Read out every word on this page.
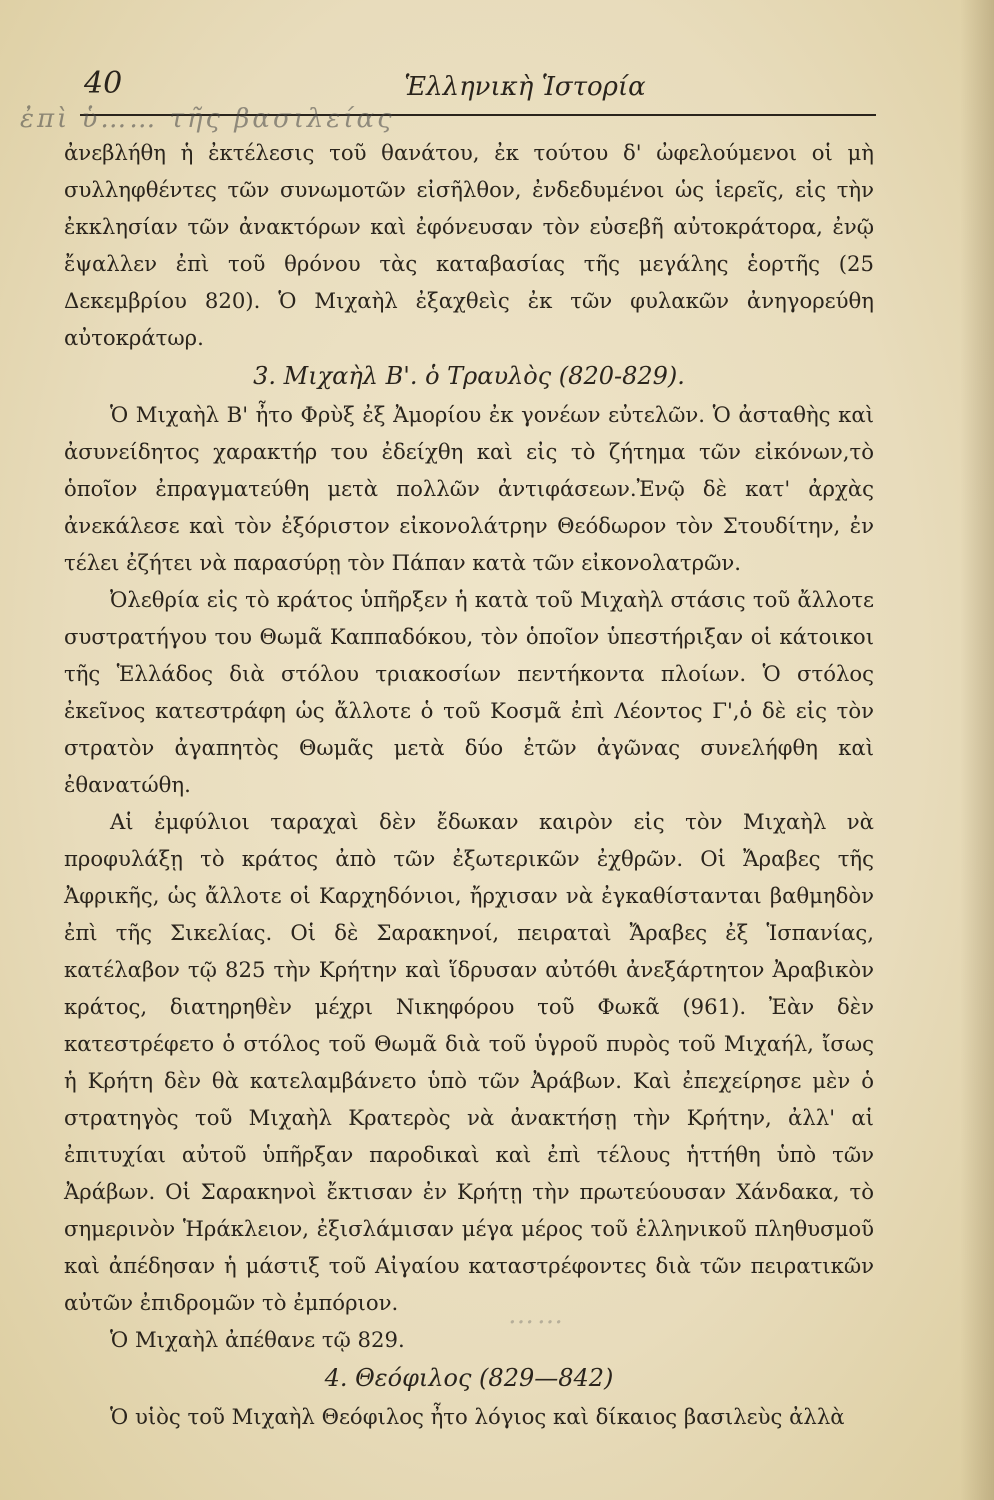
40	Ἑλληνικὴ Ἱστορία
ἐπὶ ὑ…… τῆς βασιλείας

ἀνεβλήθη ἡ ἐκτέλεσις τοῦ θανάτου, ἐκ τούτου δ' ὠφελούμενοι οἱ μὴ συλληφθέντες τῶν συνωμοτῶν εἰσῆλθον, ἐνδεδυμένοι ὡς ἱερεῖς, εἰς τὴν ἐκκλησίαν τῶν ἀνακτόρων καὶ ἐφόνευσαν τὸν εὐσεβῆ αὐτοκράτορα, ἐνῷ ἔψαλλεν ἐπὶ τοῦ θρόνου τὰς καταβασίας τῆς μεγάλης ἑορτῆς (25 Δεκεμβρίου 820). Ὁ Μιχαὴλ ἐξαχθεὶς ἐκ τῶν φυλακῶν ἀνηγορεύθη αὐτοκράτωρ.

3. Μιχαὴλ Β'. ὁ Τραυλὸς (820-829).

Ὁ Μιχαὴλ Β' ἦτο Φρὺξ ἐξ Ἀμορίου ἐκ γονέων εὐτελῶν. Ὁ ἀσταθὴς καὶ ἀσυνείδητος χαρακτήρ του ἐδείχθη καὶ εἰς τὸ ζήτημα τῶν εἰκόνων,τὸ ὁποῖον ἐπραγματεύθη μετὰ πολλῶν ἀντιφάσεων.Ἐνῷ δὲ κατ' ἀρχὰς ἀνεκάλεσε καὶ τὸν ἐξόριστον εἰκονολάτρην Θεόδωρον τὸν Στουδίτην, ἐν τέλει ἐζήτει νὰ παρασύρῃ τὸν Πάπαν κατὰ τῶν εἰκονολατρῶν.

Ὀλεθρία εἰς τὸ κράτος ὑπῆρξεν ἡ κατὰ τοῦ Μιχαὴλ στάσις τοῦ ἄλλοτε συστρατήγου του Θωμᾶ Καππαδόκου, τὸν ὁποῖον ὑπεστήριξαν οἱ κάτοικοι τῆς Ἑλλάδος διὰ στόλου τριακοσίων πεντήκοντα πλοίων. Ὁ στόλος ἐκεῖνος κατεστράφη ὡς ἄλλοτε ὁ τοῦ Κοσμᾶ ἐπὶ Λέοντος Γ',ὁ δὲ εἰς τὸν στρατὸν ἀγαπητὸς Θωμᾶς μετὰ δύο ἐτῶν ἀγῶνας συνελήφθη καὶ ἐθανατώθη.

Αἱ ἐμφύλιοι ταραχαὶ δὲν ἔδωκαν καιρὸν εἰς τὸν Μιχαὴλ νὰ προφυλάξῃ τὸ κράτος ἀπὸ τῶν ἐξωτερικῶν ἐχθρῶν. Οἱ Ἄραβες τῆς Ἀφρικῆς, ὡς ἄλλοτε οἱ Καρχηδόνιοι, ἤρχισαν νὰ ἐγκαθίστανται βαθμηδὸν ἐπὶ τῆς Σικελίας. Οἱ δὲ Σαρακηνοί, πειραταὶ Ἄραβες ἐξ Ἱσπανίας, κατέλαβον τῷ 825 τὴν Κρήτην καὶ ἵδρυσαν αὐτόθι ἀνεξάρτητον Ἀραβικὸν κράτος, διατηρηθὲν μέχρι Νικηφόρου τοῦ Φωκᾶ (961). Ἐὰν δὲν κατεστρέφετο ὁ στόλος τοῦ Θωμᾶ διὰ τοῦ ὑγροῦ πυρὸς τοῦ Μιχαήλ, ἴσως ἡ Κρήτη δὲν θὰ κατελαμβάνετο ὑπὸ τῶν Ἀράβων. Καὶ ἐπεχείρησε μὲν ὁ στρατηγὸς τοῦ Μιχαὴλ Κρατερὸς νὰ ἀνακτήσῃ τὴν Κρήτην, ἀλλ' αἱ ἐπιτυχίαι αὐτοῦ ὑπῆρξαν παροδικαὶ καὶ ἐπὶ τέλους ἡττήθη ὑπὸ τῶν Ἀράβων. Οἱ Σαρακηνοὶ ἔκτισαν ἐν Κρήτῃ τὴν πρωτεύουσαν Χάνδακα, τὸ σημερινὸν Ἡράκλειον, ἐξισλάμισαν μέγα μέρος τοῦ ἑλληνικοῦ πληθυσμοῦ καὶ ἀπέδησαν ἡ μάστιξ τοῦ Αἰγαίου καταστρέφοντες διὰ τῶν πειρατικῶν αὐτῶν ἐπιδρομῶν τὸ ἐμπόριον.

Ὁ Μιχαὴλ ἀπέθανε τῷ 829.

4. Θεόφιλος (829—842)

Ὁ υἱὸς τοῦ Μιχαὴλ Θεόφιλος ἦτο λόγιος καὶ δίκαιος βασιλεὺς ἀλλὰ

……
